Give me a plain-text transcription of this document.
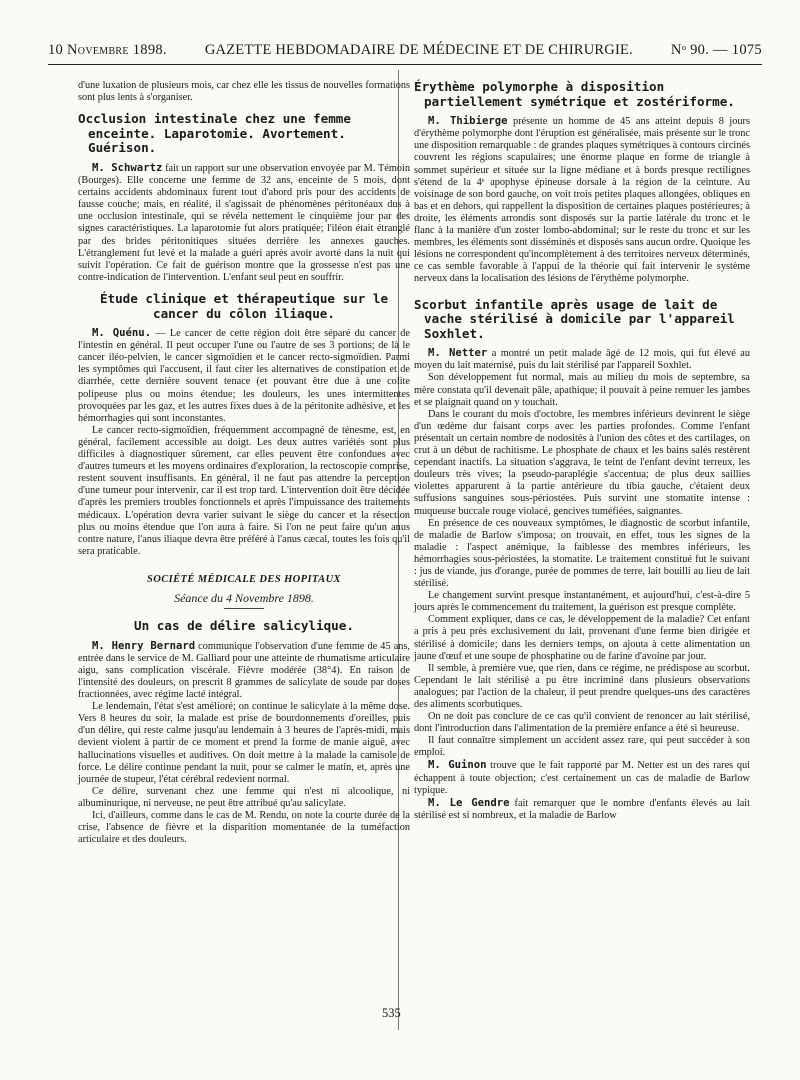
10 Novembre 1898.	GAZETTE HEBDOMADAIRE DE MÉDECINE ET DE CHIRURGIE.	Nᵒ 90. — 1075

d'une luxation de plusieurs mois, car chez elle les tissus de nouvelles formations sont plus lents à s'organiser.

Occlusion intestinale chez une femme enceinte. Laparotomie. Avortement. Guérison.

M. Schwartz fait un rapport sur une observation envoyée par M. Témoin (Bourges). Elle concerne une femme de 32 ans, enceinte de 5 mois, dont certains accidents abdominaux furent tout d'abord pris pour des accidents de fausse couche; mais, en réalité, il s'agissait de phénomènes péritonéaux dus à une occlusion intestinale, qui se révéla nettement le cinquième jour par des signes caractéristiques. La laparotomie fut alors pratiquée; l'iléon était étranglé par des brides péritonitiques situées derrière les annexes gauches. L'étranglement fut levé et la malade a guéri après avoir avorté dans la nuit qui suivit l'opération. Ce fait de guérison montre que la grossesse n'est pas une contre-indication de l'intervention. L'enfant seul peut en souffrir.

Étude clinique et thérapeutique sur le cancer du côlon iliaque.

M. Quénu. — Le cancer de cette région doit être séparé du cancer de l'intestin en général. Il peut occuper l'une ou l'autre de ses 3 portions; de là le cancer iléo-pelvien, le cancer sigmoïdien et le cancer recto-sigmoïdien. Parmi les symptômes qui l'accusent, il faut citer les alternatives de constipation et de diarrhée, cette dernière souvent tenace (et pouvant être due à une colite polipeuse plus ou moins étendue; les douleurs, les unes intermittentes provoquées par les gaz, et les autres fixes dues à de la péritonite adhésive, et les hémorrhagies qui sont inconstantes.

Le cancer recto-sigmoïdien, fréquemment accompagné de ténesme, est, en général, facilement accessible au doigt. Les deux autres variétés sont plus difficiles à diagnostiquer sûrement, car elles peuvent être confondues avec d'autres tumeurs et les moyens ordinaires d'exploration, la rectoscopie comprise, restent souvent insuffisants. En général, il ne faut pas attendre la perception d'une tumeur pour intervenir, car il est trop tard. L'intervention doit être décidée d'après les premiers troubles fonctionnels et après l'impuissance des traitements médicaux. L'opération devra varier suivant le siège du cancer et la résection plus ou moins étendue que l'on aura à faire. Si l'on ne peut faire qu'un anus contre nature, l'anus iliaque devra être préféré à l'anus cæcal, toutes les fois qu'il sera praticable.

SOCIÉTÉ MÉDICALE DES HOPITAUX
Séance du 4 Novembre 1898.
Un cas de délire salicylique.

M. Henry Bernard communique l'observation d'une femme de 45 ans, entrée dans le service de M. Galliard pour une atteinte de rhumatisme articulaire aigu, sans complication viscérale. Fièvre modérée (38°4). En raison de l'intensité des douleurs, on prescrit 8 grammes de salicylate de soude par doses fractionnées, avec régime lacté intégral.

Le lendemain, l'état s'est amélioré; on continue le salicylate à la même dose. Vers 8 heures du soir, la malade est prise de bourdonnements d'oreilles, puis d'un délire, qui reste calme jusqu'au lendemain à 3 heures de l'après-midi, mais devient violent à partir de ce moment et prend la forme de manie aiguë, avec hallucinations visuelles et auditives. On doit mettre à la malade la camisole de force. Le délire continue pendant la nuit, pour se calmer le matin, et, après une journée de stupeur, l'état cérébral redevient normal.

Ce délire, survenant chez une femme qui n'est ni alcoolique, ni albuminurique, ni nerveuse, ne peut être attribué qu'au salicylate.

Ici, d'ailleurs, comme dans le cas de M. Rendu, on note la courte durée de la crise, l'absence de fièvre et la disparition momentanée de la tuméfaction articulaire et des douleurs.

Érythème polymorphe à disposition partiellement symétrique et zostériforme.

M. Thibierge présente un homme de 45 ans atteint depuis 8 jours d'érythème polymorphe dont l'éruption est généralisée, mais présente sur le tronc une disposition remarquable : de grandes plaques symétriques à contours circinés couvrent les régions scapulaires; une énorme plaque en forme de triangle à sommet supérieur et située sur la ligne médiane et à bords presque rectilignes s'étend de la 4ᵉ apophyse épineuse dorsale à la région de la ceinture. Au voisinage de son bord gauche, on voit trois petites plaques allongées, obliques en bas et en dehors, qui rappellent la disposition de certaines plaques postérieures; à droite, les éléments arrondis sont disposés sur la partie latérale du tronc et le flanc à la manière d'un zoster lombo-abdominal; sur le reste du tronc et sur les membres, les éléments sont disséminés et disposés sans aucun ordre. Quoique les lésions ne correspondent qu'incomplètement à des territoires nerveux déterminés, ce cas semble favorable à l'appui de la théorie qui fait intervenir le système nerveux dans la localisation des lésions de l'érythème polymorphe.

Scorbut infantile après usage de lait de vache stérilisé à domicile par l'appareil Soxhlet.

M. Netter a montré un petit malade âgé de 12 mois, qui fut élevé au moyen du lait maternisé, puis du lait stérilisé par l'appareil Soxhlet.

Son développement fut normal, mais au milieu du mois de septembre, sa mère constata qu'il devenait pâle, apathique; il pouvait à peine remuer les jambes et se plaignait quand on y touchait.

Dans le courant du mois d'octobre, les membres inférieurs devinrent le siège d'un œdème dur faisant corps avec les parties profondes. Comme l'enfant présentait un certain nombre de nodosités à l'union des côtes et des cartilages, on crut à un début de rachitisme. Le phosphate de chaux et les bains salés restèrent cependant inactifs. La situation s'aggrava, le teint de l'enfant devint terreux, les douleurs très vives; la pseudo-paraplégie s'accentua; de plus deux saillies violettes apparurent à la partie antérieure du tibia gauche, c'étaient deux suffusions sanguines sous-périostées. Puis survint une stomatite intense : muqueuse buccale rouge violacé, gencives tuméfiées, saignantes.

En présence de ces nouveaux symptômes, le diagnostic de scorbut infantile, de maladie de Barlow s'imposa; on trouvait, en effet, tous les signes de la maladie : l'aspect anémique, la faiblesse des membres inférieurs, les hémorrhagies sous-périostées, la stomatite. Le traitement constitué fut le suivant : jus de viande, jus d'orange, purée de pommes de terre, lait bouilli au lieu de lait stérilisé.

Le changement survint presque instantanément, et aujourd'hui, c'est-à-dire 5 jours après le commencement du traitement, la guérison est presque complète.

Comment expliquer, dans ce cas, le développement de la maladie? Cet enfant a pris à peu près exclusivement du lait, provenant d'une ferme bien dirigée et stérilisé à domicile; dans les derniers temps, on ajouta à cette alimentation un jaune d'œuf et une soupe de phosphatine ou de farine d'avoine par jour.

Il semble, à première vue, que rien, dans ce régime, ne prédispose au scorbut. Cependant le lait stérilisé a pu être incriminé dans plusieurs observations analogues; par l'action de la chaleur, il peut prendre quelques-uns des caractères des aliments scorbutiques.

On ne doit pas conclure de ce cas qu'il convient de renoncer au lait stérilisé, dont l'introduction dans l'alimentation de la première enfance a été si heureuse.

Il faut connaître simplement un accident assez rare, qui peut succéder à son emploi.

M. Guinon trouve que le fait rapporté par M. Netter est un des rares qui échappent à toute objection; c'est certainement un cas de maladie de Barlow typique.

M. Le Gendre fait remarquer que le nombre d'enfants élevés au lait stérilisé est si nombreux, et la maladie de Barlow

535
